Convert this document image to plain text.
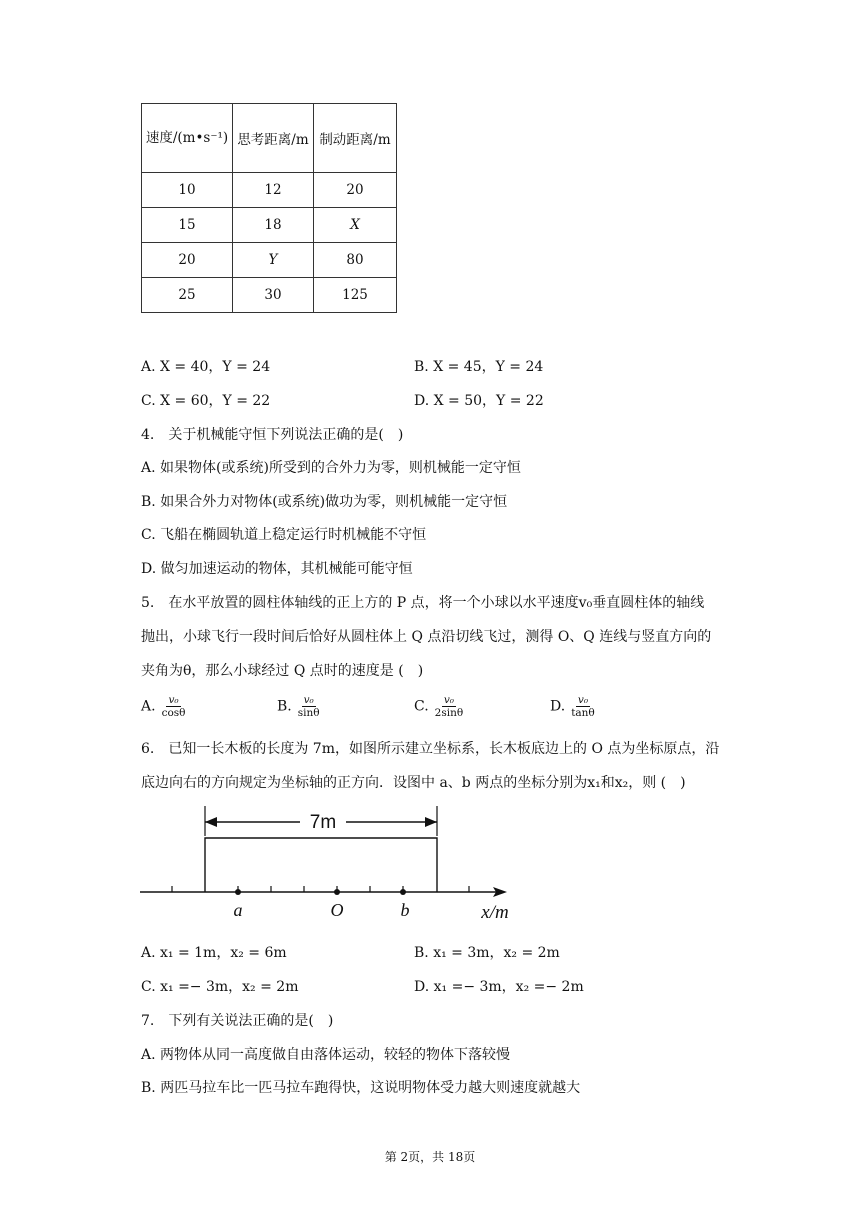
速度/(m•s⁻¹)	思考距离/m	制动距离/m
10	12	20
15	18	X
20	Y	80
25	30	125
A. X = 40，Y = 24	B. X = 45，Y = 24
C. X = 60，Y = 22	D. X = 50，Y = 22
4.　关于机械能守恒下列说法正确的是(　)
A. 如果物体(或系统)所受到的合外力为零，则机械能一定守恒
B. 如果合外力对物体(或系统)做功为零，则机械能一定守恒
C. 飞船在椭圆轨道上稳定运行时机械能不守恒
D. 做匀加速运动的物体，其机械能可能守恒
5.　在水平放置的圆柱体轴线的正上方的 P 点，将一个小球以水平速度v₀垂直圆柱体的轴线
抛出，小球飞行一段时间后恰好从圆柱体上 Q 点沿切线飞过，测得 O、Q 连线与竖直方向的
夹角为θ，那么小球经过 Q 点时的速度是 (　)
A. $\frac{\text{v₀}}{\cos\theta}$	B. $\frac{\text{v₀}}{\sin\theta}$	C. $\frac{\text{v₀}}{2\sin\theta}$	D. $\frac{\text{v₀}}{\tan\theta}$
6.　已知一长木板的长度为 7m，如图所示建立坐标系，长木板底边上的 O 点为坐标原点，沿
底边向右的方向规定为坐标轴的正方向．设图中 a、b 两点的坐标分别为x₁和x₂，则 (　)
7m
a	O	b	x/m
A. x₁ = 1m，x₂ = 6m	B. x₁ = 3m，x₂ = 2m
C. x₁ =− 3m，x₂ = 2m	D. x₁ =− 3m，x₂ =− 2m
7.　下列有关说法正确的是(　)
A. 两物体从同一高度做自由落体运动，较轻的物体下落较慢
B. 两匹马拉车比一匹马拉车跑得快，这说明物体受力越大则速度就越大
第 2页，共 18页
